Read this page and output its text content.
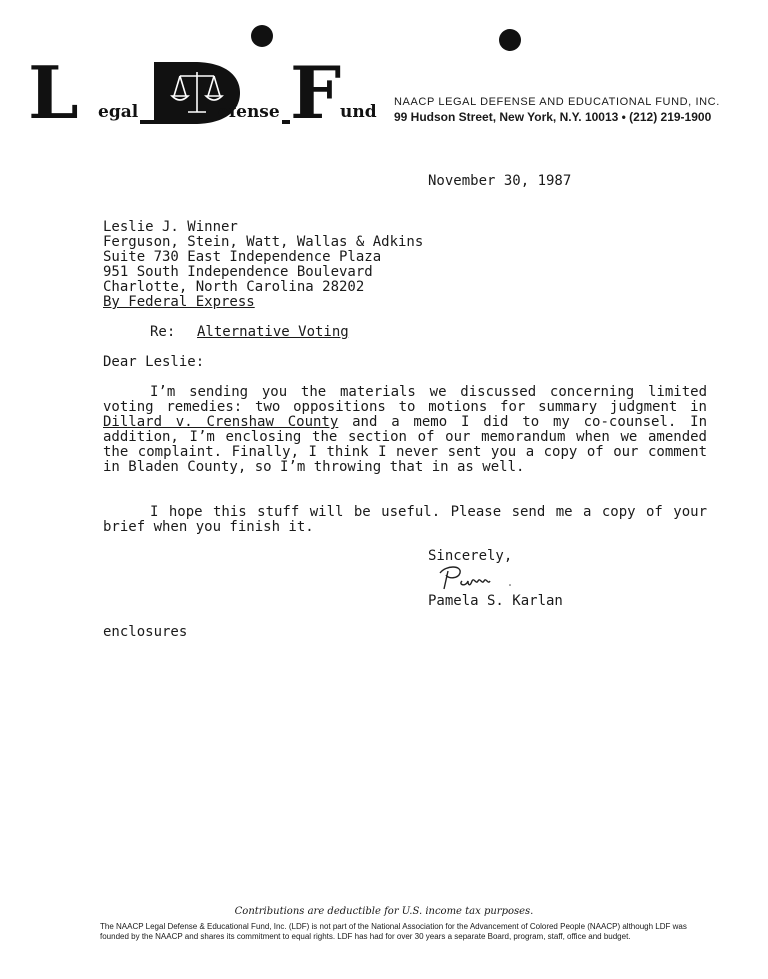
L egal	efense F
und NAACP LEGAL DEFENSE AND EDUCATIONAL FUND, INC.
99 Hudson Street, New York, N.Y. 10013 • (212) 219-1900
November 30, 1987
Leslie J. Winner
Ferguson, Stein, Watt, Wallas & Adkins
Suite 730 East Independence Plaza
951 South Independence Boulevard
Charlotte, North Carolina 28202
By Federal Express
Re: Alternative Voting
Dear Leslie:
I’m sending you the materials we discussed concerning limited voting remedies: two oppositions to motions for summary judgment in Dillard v. Crenshaw County and a memo I did to my co-counsel. In addition, I’m enclosing the section of our memorandum when we amended the complaint. Finally, I think I never sent you a copy of our comment in Bladen County, so I’m throwing that in as well.
I hope this stuff will be useful. Please send me a copy of your brief when you finish it.
Sincerely,
Pamela S. Karlan
enclosures
Contributions are deductible for U.S. income tax purposes.
The NAACP Legal Defense & Educational Fund, Inc. (LDF) is not part of the National Association for the Advancement of Colored People (NAACP) although LDF was founded by the NAACP and shares its commitment to equal rights. LDF has had for over 30 years a separate Board, program, staff, office and budget.
